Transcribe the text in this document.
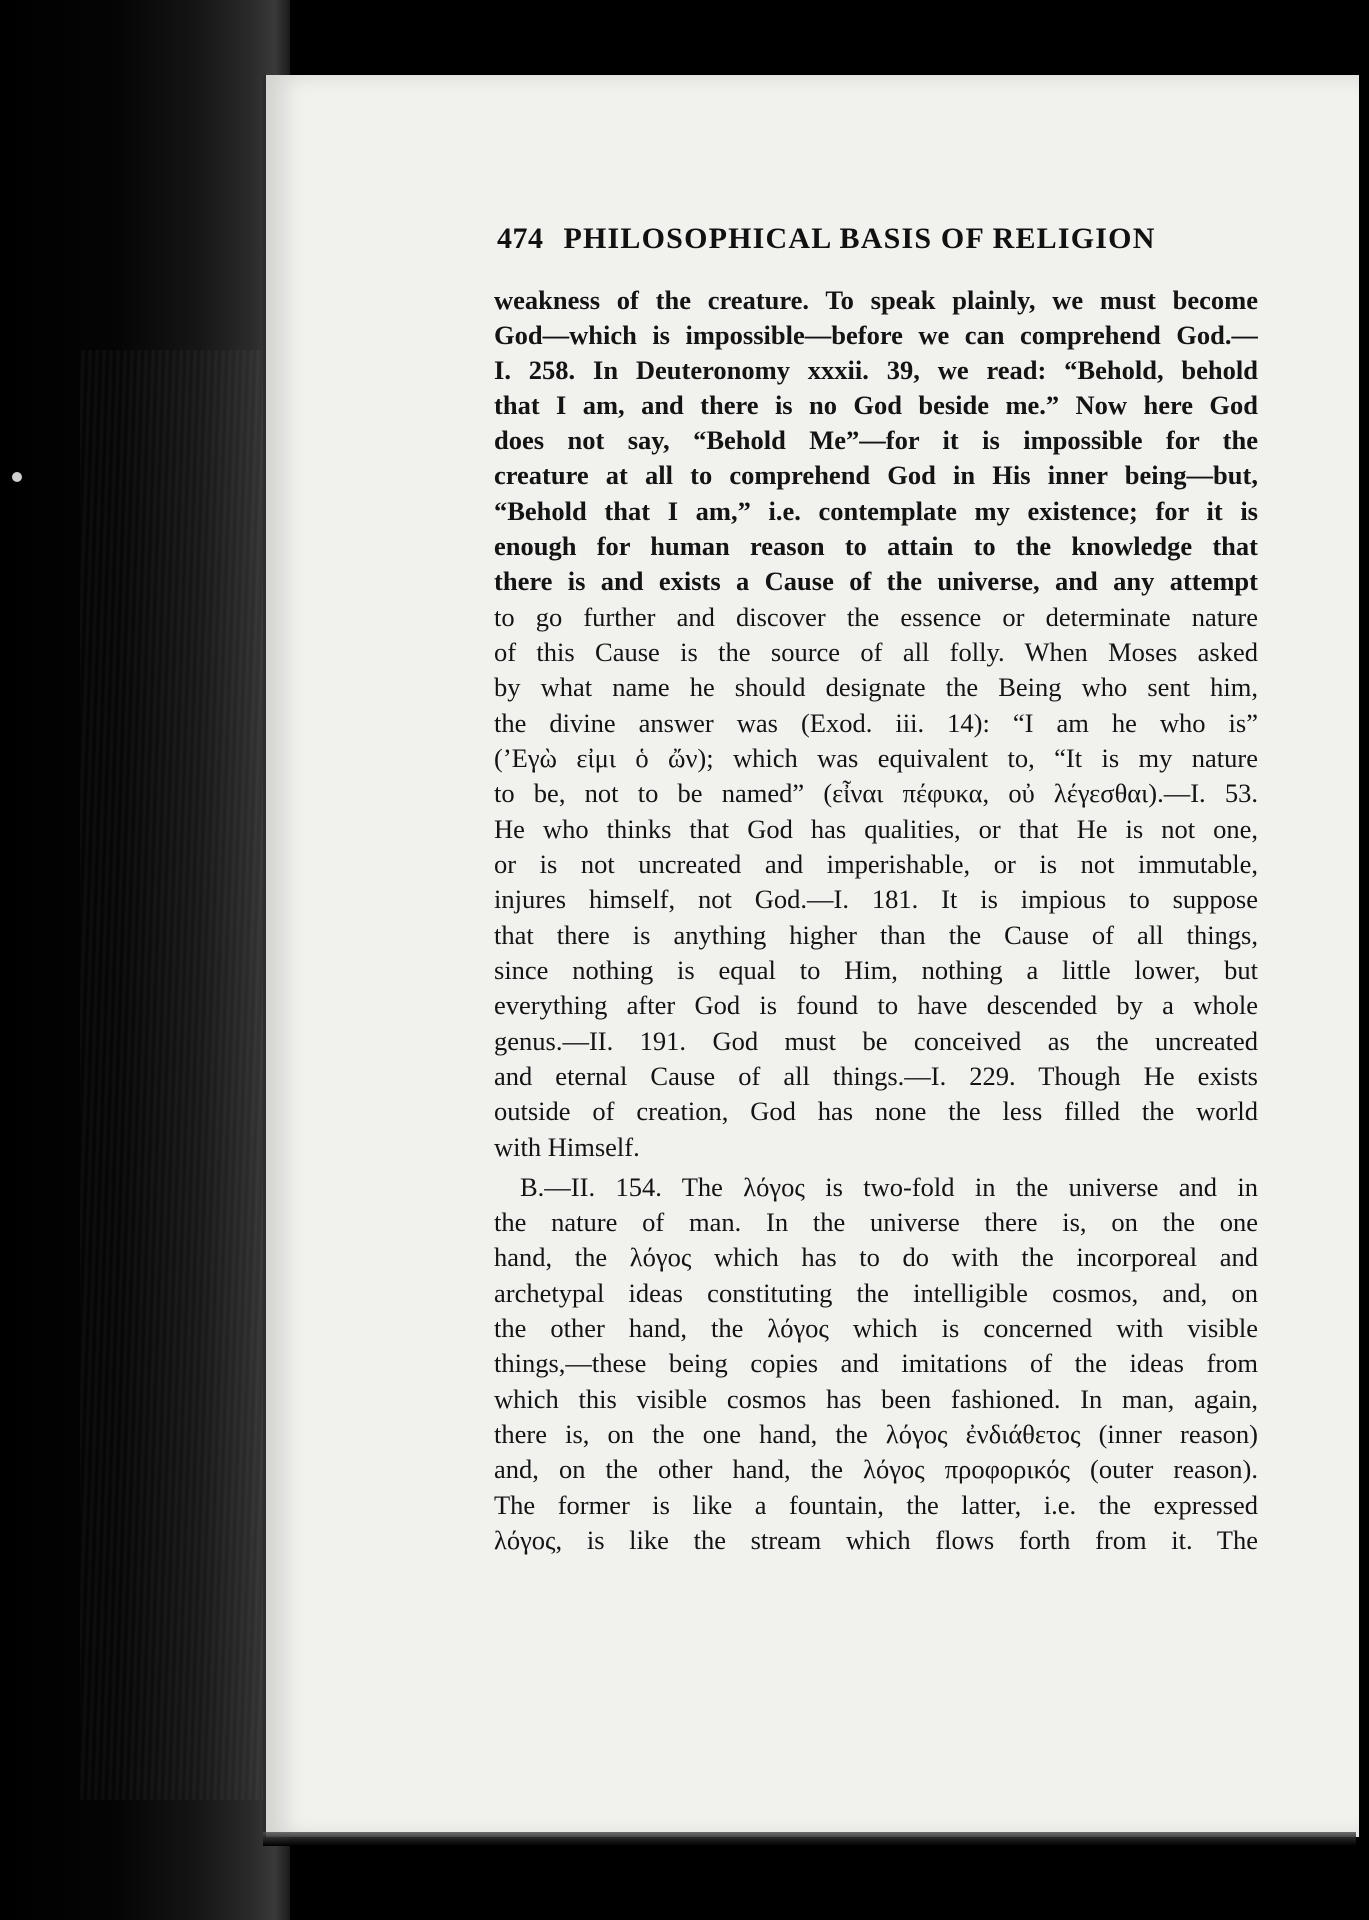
474 PHILOSOPHICAL BASIS OF RELIGION
weakness of the creature. To speak plainly, we must become
God—which is impossible—before we can comprehend God.—
I. 258. In Deuteronomy xxxii. 39, we read: “Behold, behold
that I am, and there is no God beside me.” Now here God
does not say, “Behold Me”—for it is impossible for the
creature at all to comprehend God in His inner being—but,
“Behold that I am,” i.e. contemplate my existence; for it is
enough for human reason to attain to the knowledge that
there is and exists a Cause of the universe, and any attempt
to go further and discover the essence or determinate nature
of this Cause is the source of all folly. When Moses asked
by what name he should designate the Being who sent him,
the divine answer was (Exod. iii. 14): “I am he who is”
(’Εγὼ εἰμι ὁ ὤν); which was equivalent to, “It is my nature
to be, not to be named” (εἶναι πέφυκα, οὐ λέγεσθαι).—I. 53.
He who thinks that God has qualities, or that He is not one,
or is not uncreated and imperishable, or is not immutable,
injures himself, not God.—I. 181. It is impious to suppose
that there is anything higher than the Cause of all things,
since nothing is equal to Him, nothing a little lower, but
everything after God is found to have descended by a whole
genus.—II. 191. God must be conceived as the uncreated
and eternal Cause of all things.—I. 229. Though He exists
outside of creation, God has none the less filled the world
with Himself.
B.—II. 154. The λόγος is two-fold in the universe and in
the nature of man. In the universe there is, on the one
hand, the λόγος which has to do with the incorporeal and
archetypal ideas constituting the intelligible cosmos, and, on
the other hand, the λόγος which is concerned with visible
things,—these being copies and imitations of the ideas from
which this visible cosmos has been fashioned. In man, again,
there is, on the one hand, the λόγος ἐνδιάθετος (inner reason)
and, on the other hand, the λόγος προφορικός (outer reason).
The former is like a fountain, the latter, i.e. the expressed
λόγος, is like the stream which flows forth from it. The
